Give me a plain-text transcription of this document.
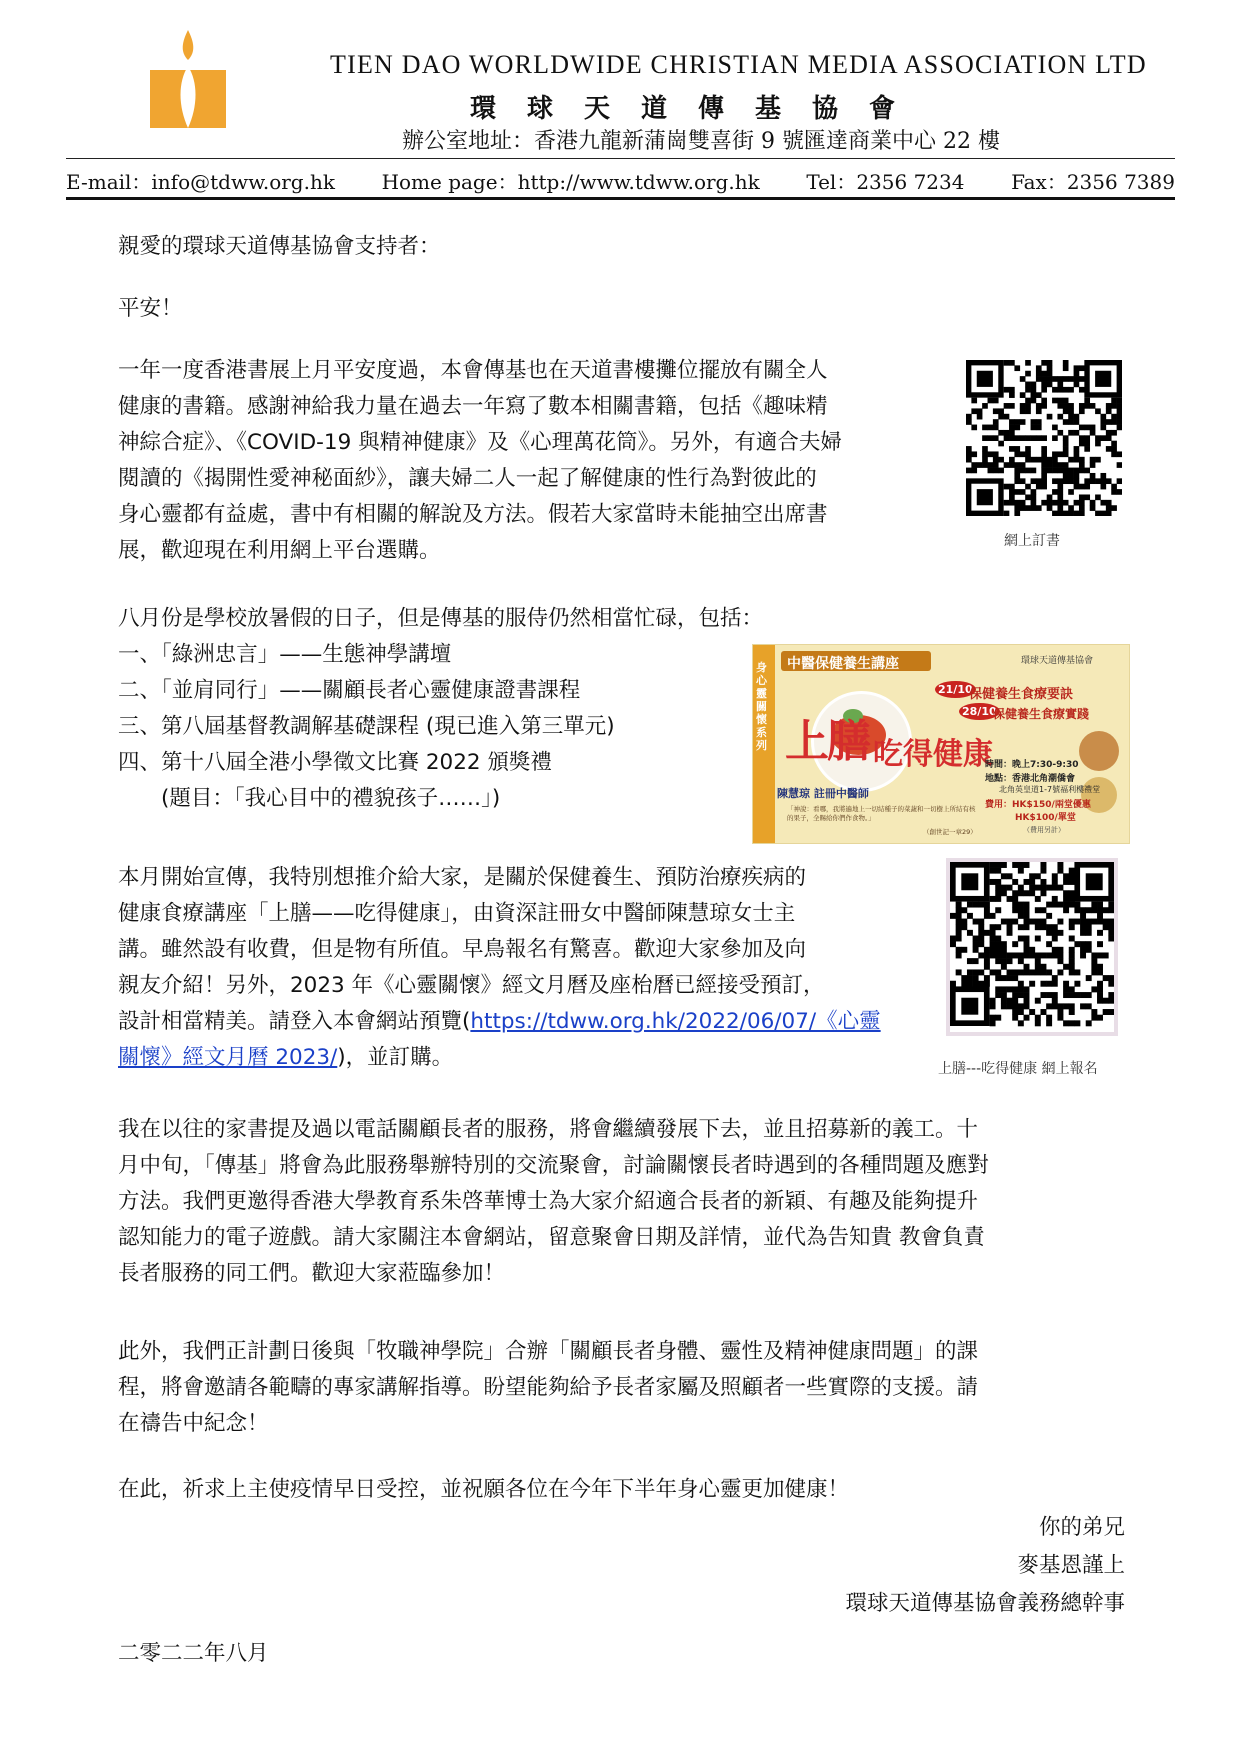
TIEN DAO WORLDWIDE CHRISTIAN MEDIA ASSOCIATION LTD
環球天道傳基協會
辦公室地址：香港九龍新蒲崗雙喜街 9 號匯達商業中心 22 樓
E-mail：info@tdww.org.hk Home page：http://www.tdww.org.hk Tel：2356 7234 Fax：2356 7389
親愛的環球天道傳基協會支持者：
平安！
一年一度香港書展上月平安度過，本會傳基也在天道書樓攤位擺放有關全人
健康的書籍。感謝神給我力量在過去一年寫了數本相關書籍，包括《趣味精
神綜合症》、《COVID-19 與精神健康》及《心理萬花筒》。另外，有適合夫婦
閱讀的《揭開性愛神秘面紗》，讓夫婦二人一起了解健康的性行為對彼此的
身心靈都有益處，書中有相關的解說及方法。假若大家當時未能抽空出席書
展，歡迎現在利用網上平台選購。	網上訂書
八月份是學校放暑假的日子，但是傳基的服侍仍然相當忙碌，包括：
一、「綠洲忠言」——生態神學講壇
二、「並肩同行」——關顧長者心靈健康證書課程
三、第八屆基督教調解基礎課程 (現已進入第三單元)
四、第十八屆全港小學徵文比賽 2022 頒獎禮
　　(題目：「我心目中的禮貌孩子……」)
身心靈關懷系列
中醫保健養生講座	環球天道傳基協會
上膳 吃得健康
21/10
保健養生食療要訣
28/10
保健養生食療實踐
陳慧琼 註冊中醫師
時間：晚上7:30-9:30
地點：香港北角潮僑會
北角英皇道1-7號福利樓禮堂
費用：HK$150/兩堂優惠
HK$100/單堂
（費用另計）
「神說：看哪，我將遍地上一切結種子的菜蔬和一切樹上所結有核的果子，全賜給你們作食物。」
（創世記一章29）
本月開始宣傳，我特別想推介給大家，是關於保健養生、預防治療疾病的
健康食療講座「上膳——吃得健康」，由資深註冊女中醫師陳慧琼女士主
講。雖然設有收費，但是物有所值。早鳥報名有驚喜。歡迎大家參加及向
親友介紹！另外，2023 年《心靈關懷》經文月曆及座枱曆已經接受預訂，
設計相當精美。請登入本會網站預覽(https://tdww.org.hk/2022/06/07/《心靈
關懷》經文月曆 2023/)，並訂購。	上膳---吃得健康 網上報名
我在以往的家書提及過以電話關顧長者的服務，將會繼續發展下去，並且招募新的義工。十
月中旬，「傳基」將會為此服務舉辦特別的交流聚會，討論關懷長者時遇到的各種問題及應對
方法。我們更邀得香港大學教育系朱啓華博士為大家介紹適合長者的新穎、有趣及能夠提升
認知能力的電子遊戲。請大家關注本會網站，留意聚會日期及詳情，並代為告知貴 教會負責
長者服務的同工們。歡迎大家蒞臨參加！
此外，我們正計劃日後與「牧職神學院」合辦「關顧長者身體、靈性及精神健康問題」的課
程，將會邀請各範疇的專家講解指導。盼望能夠給予長者家屬及照顧者一些實際的支援。請
在禱告中紀念！
在此，祈求上主使疫情早日受控，並祝願各位在今年下半年身心靈更加健康！
你的弟兄
麥基恩謹上
環球天道傳基協會義務總幹事
二零二二年八月
